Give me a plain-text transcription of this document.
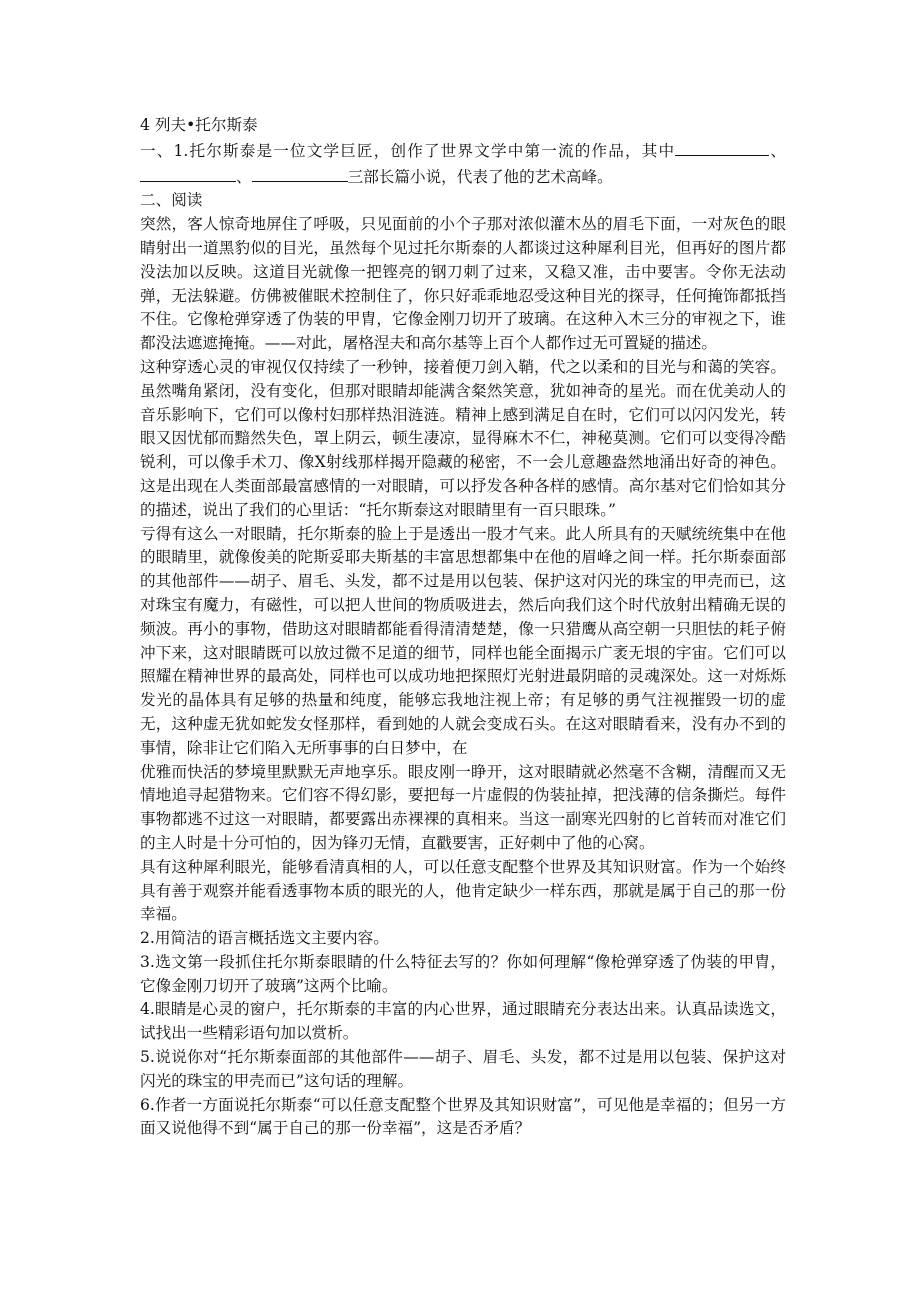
4 列夫•托尔斯泰

一、1.托尔斯泰是一位文学巨匠，创作了世界文学中第一流的作品，其中	、、	三部长篇小说，代表了他的艺术高峰。

二、阅读

突然，客人惊奇地屏住了呼吸，只见面前的小个子那对浓似灌木丛的眉毛下面，一对灰色的眼睛射出一道黑豹似的目光，虽然每个见过托尔斯泰的人都谈过这种犀利目光，但再好的图片都没法加以反映。这道目光就像一把铿亮的钢刀刺了过来，又稳又准，击中要害。令你无法动弹，无法躲避。仿佛被催眠术控制住了，你只好乖乖地忍受这种目光的探寻，任何掩饰都抵挡不住。它像枪弹穿透了伪装的甲胄，它像金刚刀切开了玻璃。在这种入木三分的审视之下，谁都没法遮遮掩掩。——对此，屠格涅夫和高尔基等上百个人都作过无可置疑的描述。

这种穿透心灵的审视仅仅持续了一秒钟，接着便刀剑入鞘，代之以柔和的目光与和蔼的笑容。虽然嘴角紧闭，没有变化，但那对眼睛却能满含粲然笑意，犹如神奇的星光。而在优美动人的音乐影响下，它们可以像村妇那样热泪涟涟。精神上感到满足自在时，它们可以闪闪发光，转眼又因忧郁而黯然失色，罩上阴云，顿生凄凉，显得麻木不仁，神秘莫测。它们可以变得冷酷锐利，可以像手术刀、像X射线那样揭开隐藏的秘密，不一会儿意趣盎然地涌出好奇的神色。这是出现在人类面部最富感情的一对眼睛，可以抒发各种各样的感情。高尔基对它们恰如其分的描述，说出了我们的心里话：“托尔斯泰这对眼睛里有一百只眼珠。”

亏得有这么一对眼睛，托尔斯泰的脸上于是透出一股才气来。此人所具有的天赋统统集中在他的眼睛里，就像俊美的陀斯妥耶夫斯基的丰富思想都集中在他的眉峰之间一样。托尔斯泰面部的其他部件——胡子、眉毛、头发，都不过是用以包装、保护这对闪光的珠宝的甲壳而已，这对珠宝有魔力，有磁性，可以把人世间的物质吸进去，然后向我们这个时代放射出精确无误的频波。再小的事物，借助这对眼睛都能看得清清楚楚，像一只猎鹰从高空朝一只胆怯的耗子俯冲下来，这对眼睛既可以放过微不足道的细节，同样也能全面揭示广袤无垠的宇宙。它们可以照耀在精神世界的最高处，同样也可以成功地把探照灯光射进最阴暗的灵魂深处。这一对烁烁发光的晶体具有足够的热量和纯度，能够忘我地注视上帝；有足够的勇气注视摧毁一切的虚无，这种虚无犹如蛇发女怪那样，看到她的人就会变成石头。在这对眼睛看来，没有办不到的事情，除非让它们陷入无所事事的白日梦中，在

优雅而快活的梦境里默默无声地享乐。眼皮刚一睁开，这对眼睛就必然毫不含糊，清醒而又无情地追寻起猎物来。它们容不得幻影，要把每一片虚假的伪装扯掉，把浅薄的信条撕烂。每件事物都逃不过这一对眼睛，都要露出赤裸裸的真相来。当这一副寒光四射的匕首转而对准它们的主人时是十分可怕的，因为锋刃无情，直戳要害，正好刺中了他的心窝。

具有这种犀利眼光，能够看清真相的人，可以任意支配整个世界及其知识财富。作为一个始终具有善于观察并能看透事物本质的眼光的人，他肯定缺少一样东西，那就是属于自己的那一份幸福。

2.用简洁的语言概括选文主要内容。

3.选文第一段抓住托尔斯泰眼睛的什么特征去写的？你如何理解“像枪弹穿透了伪装的甲胄，它像金刚刀切开了玻璃”这两个比喻。

4.眼睛是心灵的窗户，托尔斯泰的丰富的内心世界，通过眼睛充分表达出来。认真品读选文，试找出一些精彩语句加以赏析。

5.说说你对“托尔斯泰面部的其他部件——胡子、眉毛、头发，都不过是用以包装、保护这对闪光的珠宝的甲壳而已”这句话的理解。

6.作者一方面说托尔斯泰“可以任意支配整个世界及其知识财富”，可见他是幸福的；但另一方面又说他得不到“属于自己的那一份幸福”，这是否矛盾？
